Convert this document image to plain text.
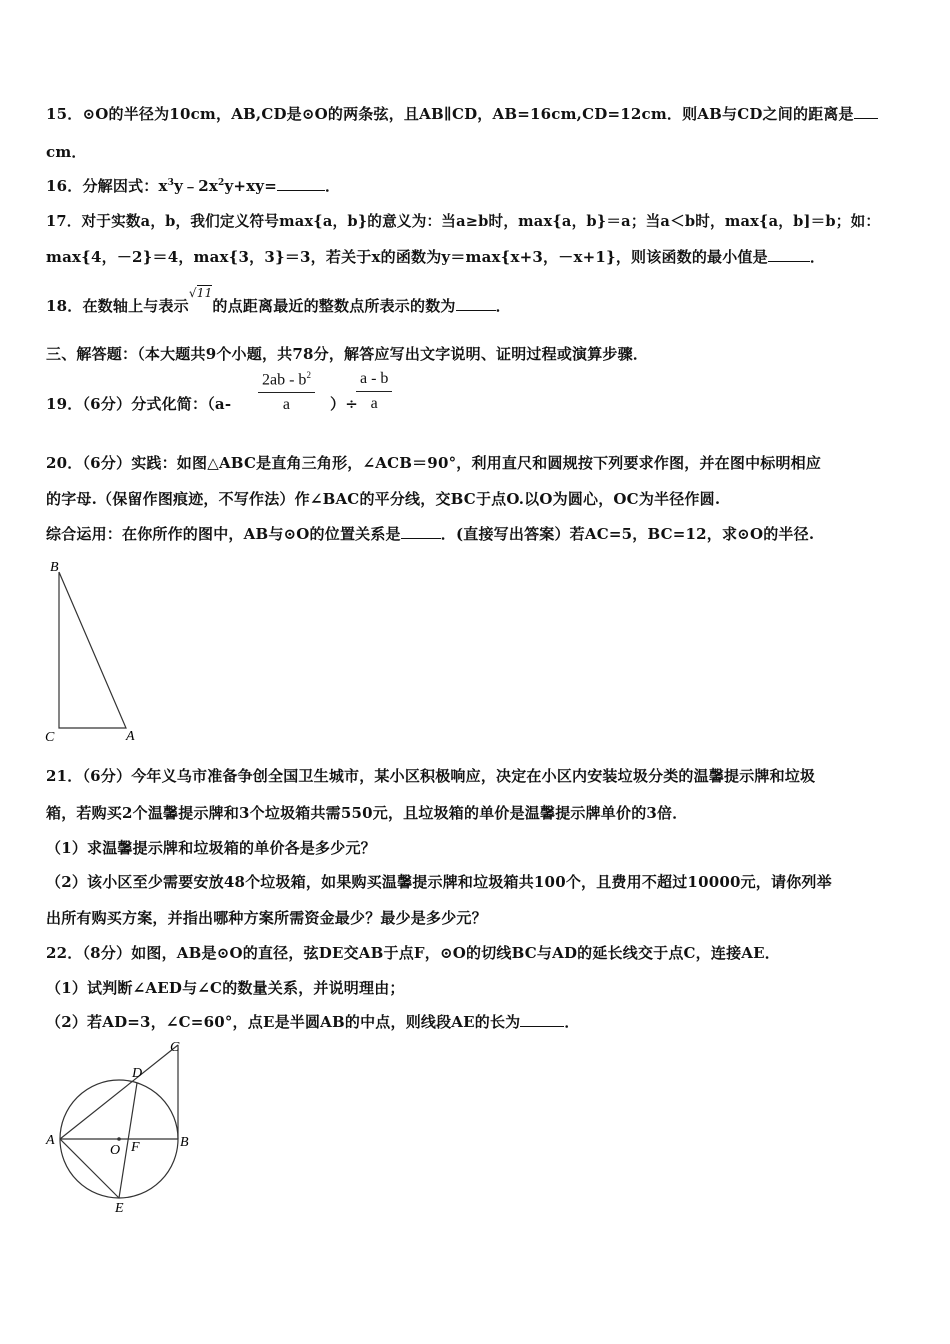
15．⊙O的半径为10cm，AB,CD是⊙O的两条弦，且AB∥CD，AB=16cm,CD=12cm．则AB与CD之间的距离是
cm．
16．分解因式：$x^3y﹣2x^2y+xy=$	．
17．对于实数a，b，我们定义符号max{a，b}的意义为：当a≥b时，max{a，b}＝a；当a＜b时，max{a，b]＝b；如：
max{4，－2}＝4，max{3，3}＝3，若关于x的函数为y＝max{x+3，－x+1}，则该函数的最小值是	．
18．在数轴上与表示√11的点距离最近的整数点所表示的数为	．
三、解答题：（本大题共9个小题，共78分，解答应写出文字说明、证明过程或演算步骤．
19．（6分）分式化简：（a-
$2ab - b^2$
a	）÷
a - b
a
20．（6分）实践：如图△ABC是直角三角形，∠ACB＝90°，利用直尺和圆规按下列要求作图，并在图中标明相应
的字母.（保留作图痕迹，不写作法）作∠BAC的平分线，交BC于点O.以O为圆心，OC为半径作圆.
综合运用：在你所作的图中，AB与⊙O的位置关系是	．(直接写出答案）若AC=5，BC=12，求⊙O的半径.
B
C	A
21．（6分）今年义乌市准备争创全国卫生城市，某小区积极响应，决定在小区内安装垃圾分类的温馨提示牌和垃圾
箱，若购买2个温馨提示牌和3个垃圾箱共需550元，且垃圾箱的单价是温馨提示牌单价的3倍．
（1）求温馨提示牌和垃圾箱的单价各是多少元？
（2）该小区至少需要安放48个垃圾箱，如果购买温馨提示牌和垃圾箱共100个，且费用不超过10000元，请你列举
出所有购买方案，并指出哪种方案所需资金最少？最少是多少元？
22．（8分）如图，AB是⊙O的直径，弦DE交AB于点F，⊙O的切线BC与AD的延长线交于点C，连接AE．
（1）试判断∠AED与∠C的数量关系，并说明理由；
（2）若AD=3，∠C=60°，点E是半圆AB的中点，则线段AE的长为	．
C
D
A
O F	B
E
